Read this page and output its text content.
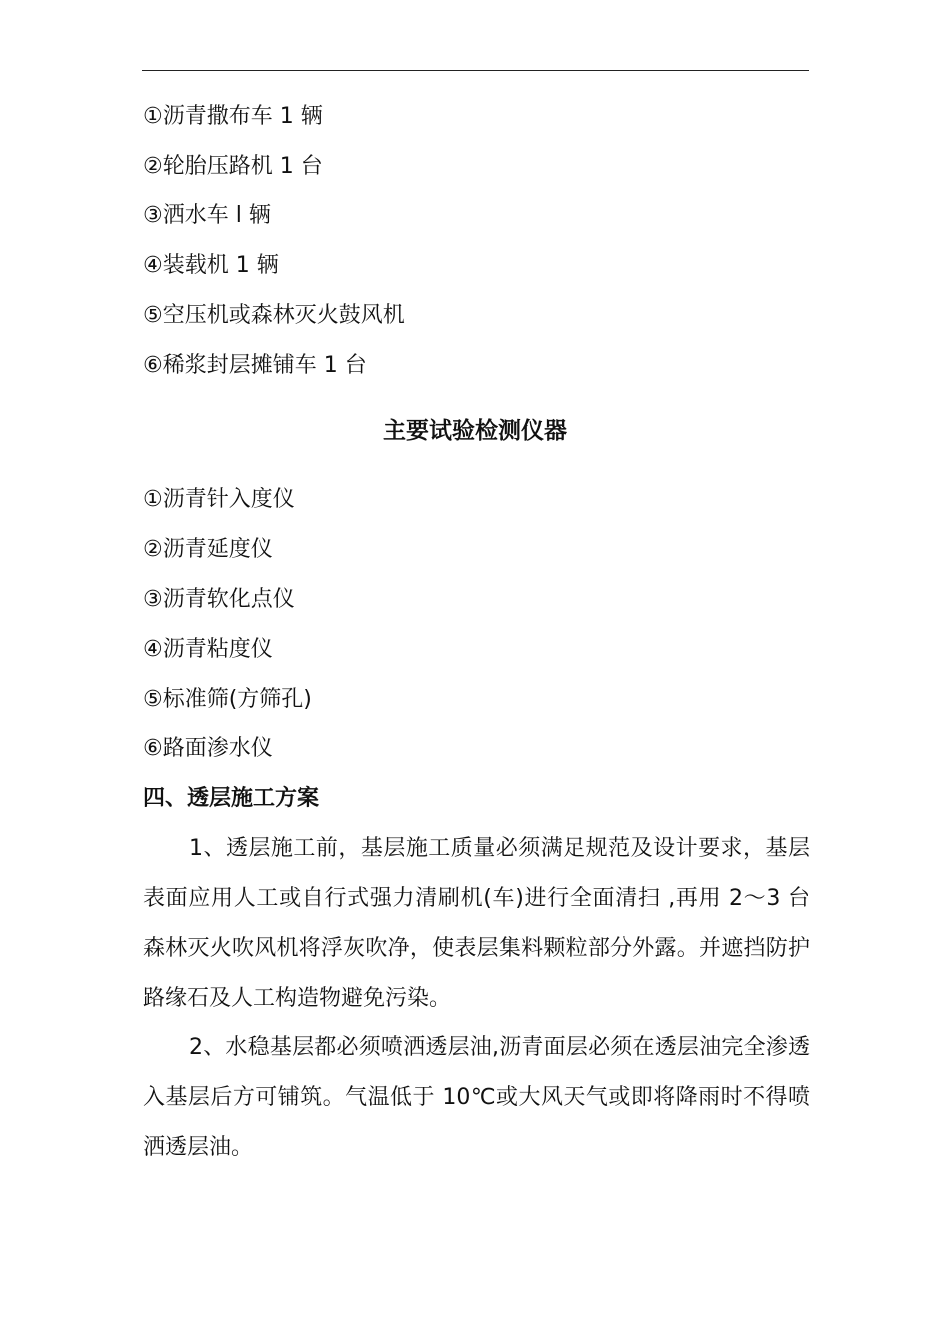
①沥青撒布车 1 辆
②轮胎压路机 1 台
③洒水车 l 辆
④装载机 1 辆
⑤空压机或森林灭火鼓风机
⑥稀浆封层摊铺车 1 台
主要试验检测仪器
①沥青针入度仪
②沥青延度仪
③沥青软化点仪
④沥青粘度仪
⑤标准筛(方筛孔)
⑥路面渗水仪
四、透层施工方案
1、透层施工前，基层施工质量必须满足规范及设计要求，基层表面应用人工或自行式强力清刷机(车)进行全面清扫 ,再用 2～3 台森林灭火吹风机将浮灰吹净，使表层集料颗粒部分外露。并遮挡防护路缘石及人工构造物避免污染。
2、水稳基层都必须喷洒透层油,沥青面层必须在透层油完全渗透入基层后方可铺筑。气温低于 10℃或大风天气或即将降雨时不得喷洒透层油。
